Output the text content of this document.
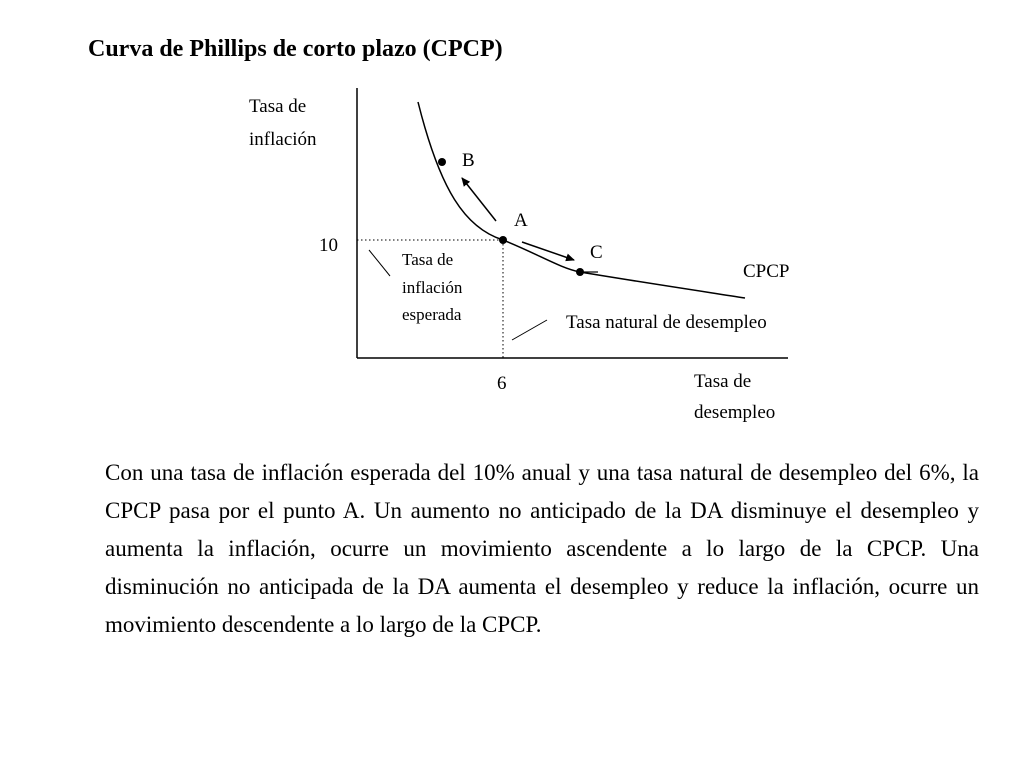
Curva de Phillips de corto plazo (CPCP)
Tasa de
inflación
Tasa de
desempleo
10
6
B
A
C
CPCP
Tasa de
inflación
esperada	Tasa natural de desempleo

Con una tasa de inflación esperada del 10% anual y una tasa natural de desempleo del 6%, la CPCP pasa por el punto A. Un aumento no anticipado de la DA disminuye el desempleo y aumenta la inflación, ocurre un movimiento ascendente a lo largo de la CPCP. Una disminución no anticipada de la DA aumenta el desempleo y reduce la inflación, ocurre un movimiento descendente a lo largo de la CPCP.
